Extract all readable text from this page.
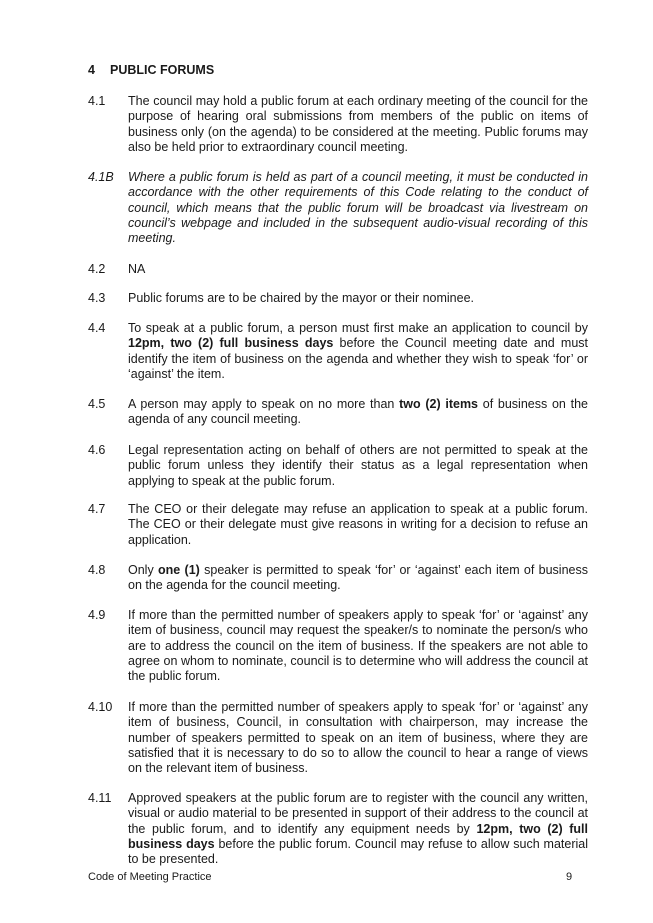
4 PUBLIC FORUMS
4.1 The council may hold a public forum at each ordinary meeting of the council for the purpose of hearing oral submissions from members of the public on items of business only (on the agenda) to be considered at the meeting. Public forums may also be held prior to extraordinary council meeting.
4.1B Where a public forum is held as part of a council meeting, it must be conducted in accordance with the other requirements of this Code relating to the conduct of council, which means that the public forum will be broadcast via livestream on council’s webpage and included in the subsequent audio-visual recording of this meeting.
4.2 NA
4.3 Public forums are to be chaired by the mayor or their nominee.
4.4 To speak at a public forum, a person must first make an application to council by 12pm, two (2) full business days before the Council meeting date and must identify the item of business on the agenda and whether they wish to speak ‘for’ or ‘against’ the item.
4.5 A person may apply to speak on no more than two (2) items of business on the agenda of any council meeting.
4.6 Legal representation acting on behalf of others are not permitted to speak at the public forum unless they identify their status as a legal representation when applying to speak at the public forum.
4.7 The CEO or their delegate may refuse an application to speak at a public forum. The CEO or their delegate must give reasons in writing for a decision to refuse an application.
4.8 Only one (1) speaker is permitted to speak ‘for’ or ‘against’ each item of business on the agenda for the council meeting.
4.9 If more than the permitted number of speakers apply to speak ‘for’ or ‘against’ any item of business, council may request the speaker/s to nominate the person/s who are to address the council on the item of business. If the speakers are not able to agree on whom to nominate, council is to determine who will address the council at the public forum.
4.10 If more than the permitted number of speakers apply to speak ‘for’ or ‘against’ any item of business, Council, in consultation with chairperson, may increase the number of speakers permitted to speak on an item of business, where they are satisfied that it is necessary to do so to allow the council to hear a range of views on the relevant item of business.
4.11 Approved speakers at the public forum are to register with the council any written, visual or audio material to be presented in support of their address to the council at the public forum, and to identify any equipment needs by 12pm, two (2) full business days before the public forum. Council may refuse to allow such material to be presented.
Code of Meeting Practice	9
